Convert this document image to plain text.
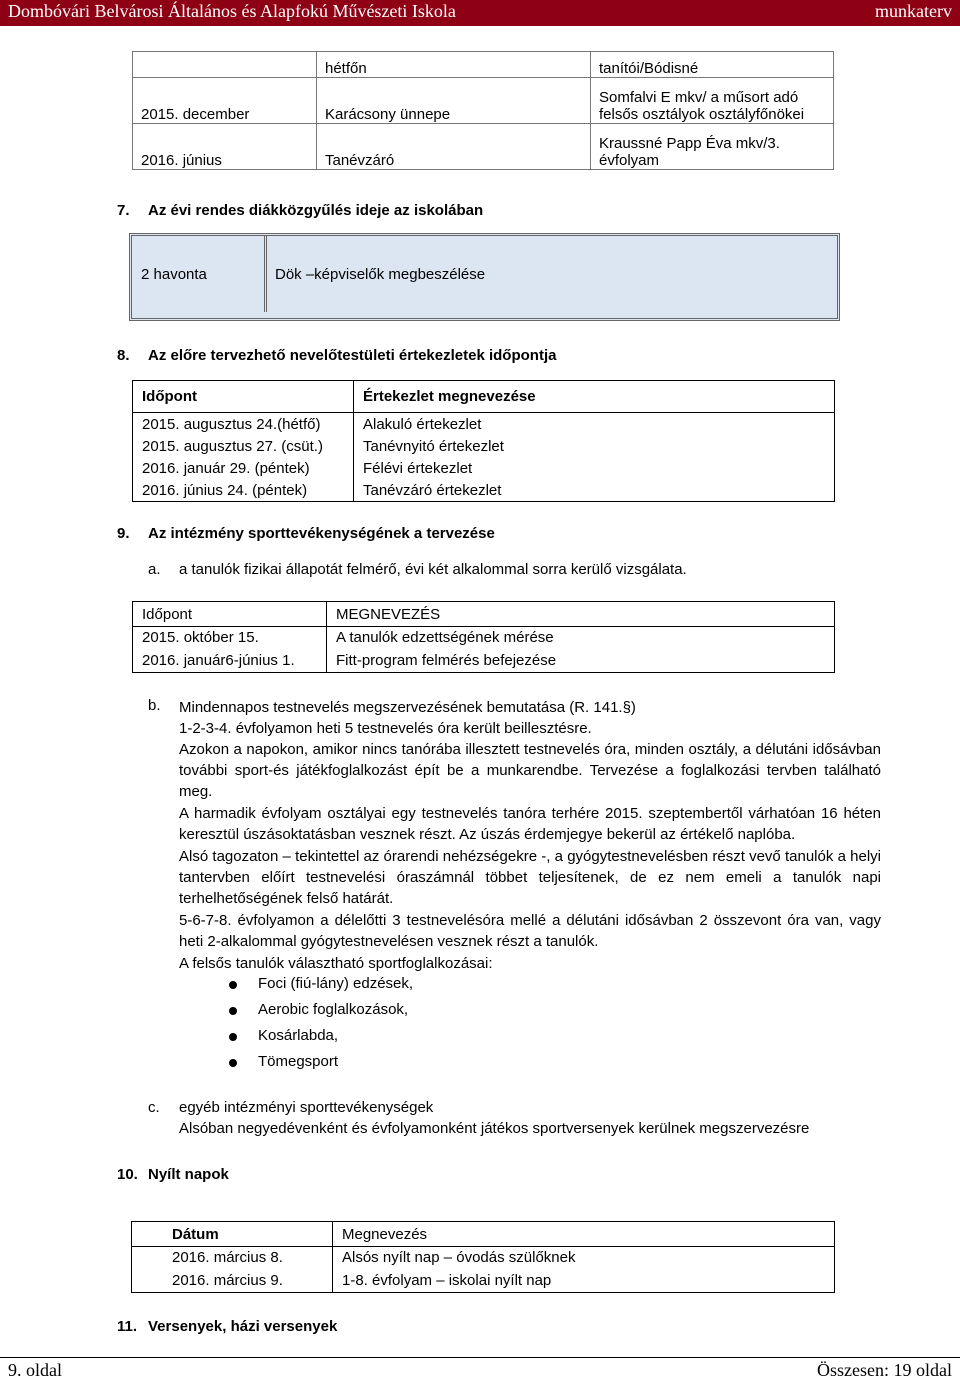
Dombóvári Belvárosi Általános és Alapfokú Művészeti Iskola	munkaterv
	hétfőn	tanítói/Bódisné
2015. december	Karácsony ünnepe	Somfalvi E mkv/ a műsort adó
felsős osztályok osztályfőnökei

2016. június	Tanévzáró	Kraussné Papp Éva mkv/3.
évfolyam
7. Az évi rendes diákközgyűlés ideje az iskolában
2 havonta	Dök –képviselők megbeszélése
8. Az előre tervezhető nevelőtestületi értekezletek időpontja
Időpont	Értekezlet megnevezése
2015. augusztus 24.(hétfő)	Alakuló értekezlet
2015. augusztus 27. (csüt.)	Tanévnyitó értekezlet
2016. január 29. (péntek)	Félévi értekezlet
2016. június 24. (péntek)	Tanévzáró értekezlet
9. Az intézmény sporttevékenységének a tervezése
a. a tanulók fizikai állapotát felmérő, évi két alkalommal sorra kerülő vizsgálata.
Időpont	MEGNEVEZÉS
2015. október 15.	A tanulók edzettségének mérése
2016. január6-június 1.	Fitt-program felmérés befejezése
b. Mindennapos testnevelés megszervezésének bemutatása (R. 141.§)
1-2-3-4. évfolyamon heti 5 testnevelés óra került beillesztésre.
Azokon a napokon, amikor nincs tanórába illesztett testnevelés óra, minden osztály, a délutáni idősávban további sport-és játékfoglalkozást épít be a munkarendbe. Tervezése a foglalkozási tervben található meg.
A harmadik évfolyam osztályai egy testnevelés tanóra terhére 2015. szeptembertől várhatóan 16 héten keresztül úszásoktatásban vesznek részt. Az úszás érdemjegye bekerül az értékelő naplóba.
Alsó tagozaton – tekintettel az órarendi nehézségekre -, a gyógytestnevelésben részt vevő tanulók a helyi tantervben előírt testnevelési óraszámnál többet teljesítenek, de ez nem emeli a tanulók napi terhelhetőségének felső határát.
5-6-7-8. évfolyamon a délelőtti 3 testnevelésóra mellé a délutáni idősávban 2 összevont óra van, vagy heti 2-alkalommal gyógytestnevelésen vesznek részt a tanulók.
A felsős tanulók választható sportfoglalkozásai:
Foci (fiú-lány) edzések,
Aerobic foglalkozások,
Kosárlabda,
Tömegsport
c. egyéb intézményi sporttevékenységek
Alsóban negyedévenként és évfolyamonként játékos sportversenyek kerülnek megszervezésre
10. Nyílt napok
Dátum	Megnevezés
2016. március 8.	Alsós nyílt nap – óvodás szülőknek
2016. március 9.	1-8. évfolyam – iskolai nyílt nap
11. Versenyek, házi versenyek
9. oldal	Összesen: 19 oldal
